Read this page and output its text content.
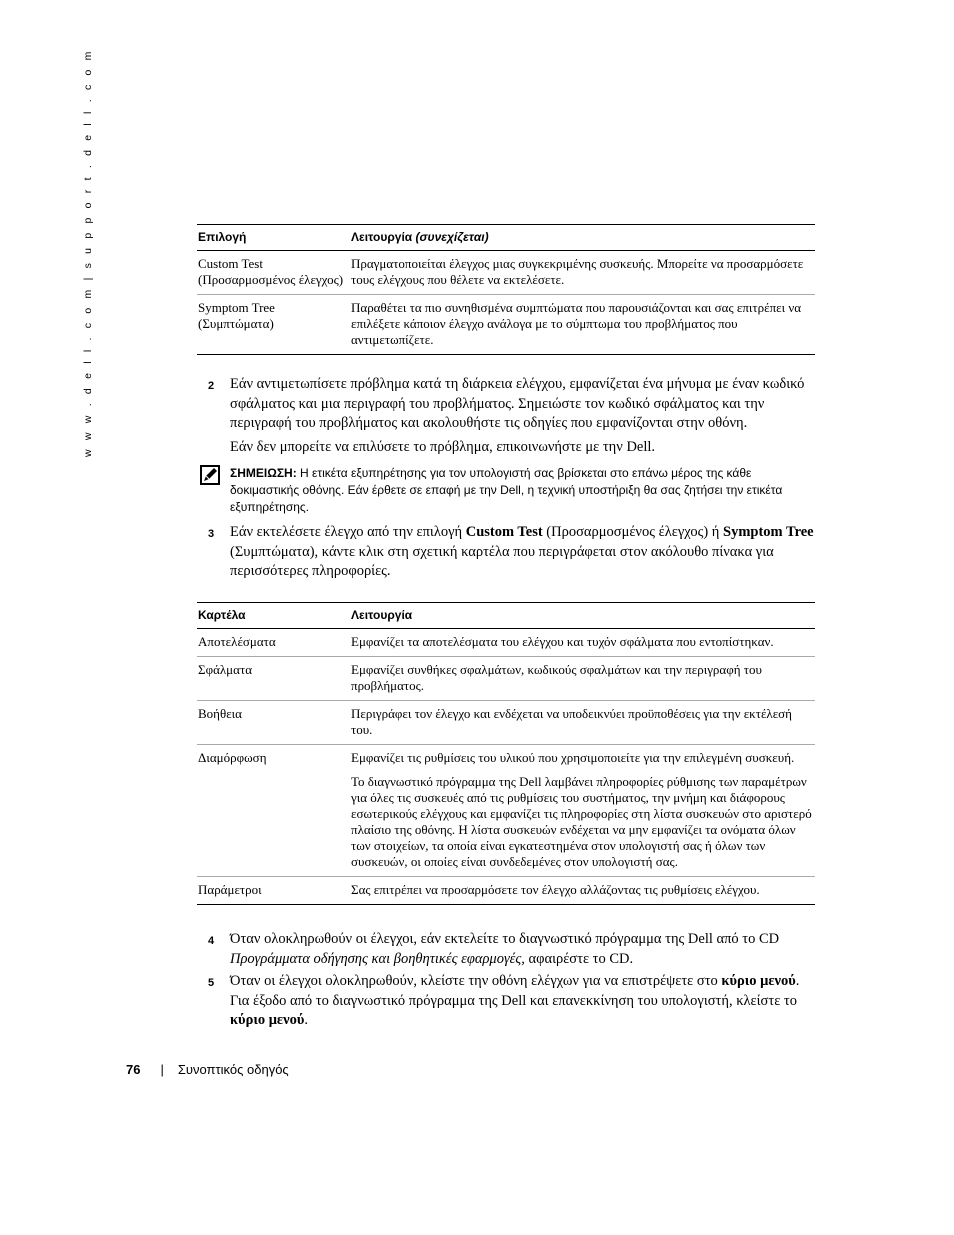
w w w . d e l l . c o m | s u p p o r t . d e l l . c o m	Επιλογή	Λειτουργία (συνεχίζεται)
Custom Test (Προσαρμοσμένος έλεγχος)	Πραγματοποιείται έλεγχος μιας συγκεκριμένης συσκευής. Μπορείτε να προσαρμόσετε τους ελέγχους που θέλετε να εκτελέσετε.
Symptom Tree (Συμπτώματα)	Παραθέτει τα πιο συνηθισμένα συμπτώματα που παρουσιάζονται και σας επιτρέπει να επιλέξετε κάποιον έλεγχο ανάλογα με το σύμπτωμα του προβλήματος που αντιμετωπίζετε.
2 Εάν αντιμετωπίσετε πρόβλημα κατά τη διάρκεια ελέγχου, εμφανίζεται ένα μήνυμα με έναν κωδικό σφάλματος και μια περιγραφή του προβλήματος. Σημειώστε τον κωδικό σφάλματος και την περιγραφή του προβλήματος και ακολουθήστε τις οδηγίες που εμφανίζονται στην οθόνη.
Εάν δεν μπορείτε να επιλύσετε το πρόβλημα, επικοινωνήστε με την Dell.
ΣΗΜΕΙΩΣΗ: Η ετικέτα εξυπηρέτησης για τον υπολογιστή σας βρίσκεται στο επάνω μέρος της κάθε δοκιμαστικής οθόνης. Εάν έρθετε σε επαφή με την Dell, η τεχνική υποστήριξη θα σας ζητήσει την ετικέτα εξυπηρέτησης.
3 Εάν εκτελέσετε έλεγχο από την επιλογή Custom Test (Προσαρμοσμένος έλεγχος) ή Symptom Tree (Συμπτώματα), κάντε κλικ στη σχετική καρτέλα που περιγράφεται στον ακόλουθο πίνακα για περισσότερες πληροφορίες.
Καρτέλα	Λειτουργία
Αποτελέσματα	Εμφανίζει τα αποτελέσματα του ελέγχου και τυχόν σφάλματα που εντοπίστηκαν.

Σφάλματα	Εμφανίζει συνθήκες σφαλμάτων, κωδικούς σφαλμάτων και την περιγραφή του προβλήματος.

Βοήθεια	Περιγράφει τον έλεγχο και ενδέχεται να υποδεικνύει προϋποθέσεις για την εκτέλεσή του.

Διαμόρφωση	Εμφανίζει τις ρυθμίσεις του υλικού που χρησιμοποιείτε για την επιλεγμένη συσκευή.

Το διαγνωστικό πρόγραμμα της Dell λαμβάνει πληροφορίες ρύθμισης των παραμέτρων για όλες τις συσκευές από τις ρυθμίσεις του συστήματος, την μνήμη και διάφορους εσωτερικούς ελέγχους και εμφανίζει τις πληροφορίες στη λίστα συσκευών στο αριστερό πλαίσιο της οθόνης. Η λίστα συσκευών ενδέχεται να μην εμφανίζει τα ονόματα όλων των στοιχείων, τα οποία είναι εγκατεστημένα στον υπολογιστή σας ή όλων των συσκευών, οι οποίες είναι συνδεδεμένες στον υπολογιστή σας.

Παράμετροι	Σας επιτρέπει να προσαρμόσετε τον έλεγχο αλλάζοντας τις ρυθμίσεις ελέγχου.

4 Όταν ολοκληρωθούν οι έλεγχοι, εάν εκτελείτε το διαγνωστικό πρόγραμμα της Dell από το CD Προγράμματα οδήγησης και βοηθητικές εφαρμογές, αφαιρέστε το CD.
5 Όταν οι έλεγχοι ολοκληρωθούν, κλείστε την οθόνη ελέγχων για να επιστρέψετε στο κύριο μενού. Για έξοδο από το διαγνωστικό πρόγραμμα της Dell και επανεκκίνηση του υπολογιστή, κλείστε το κύριο μενού.
76 | Συνοπτικός οδηγός
